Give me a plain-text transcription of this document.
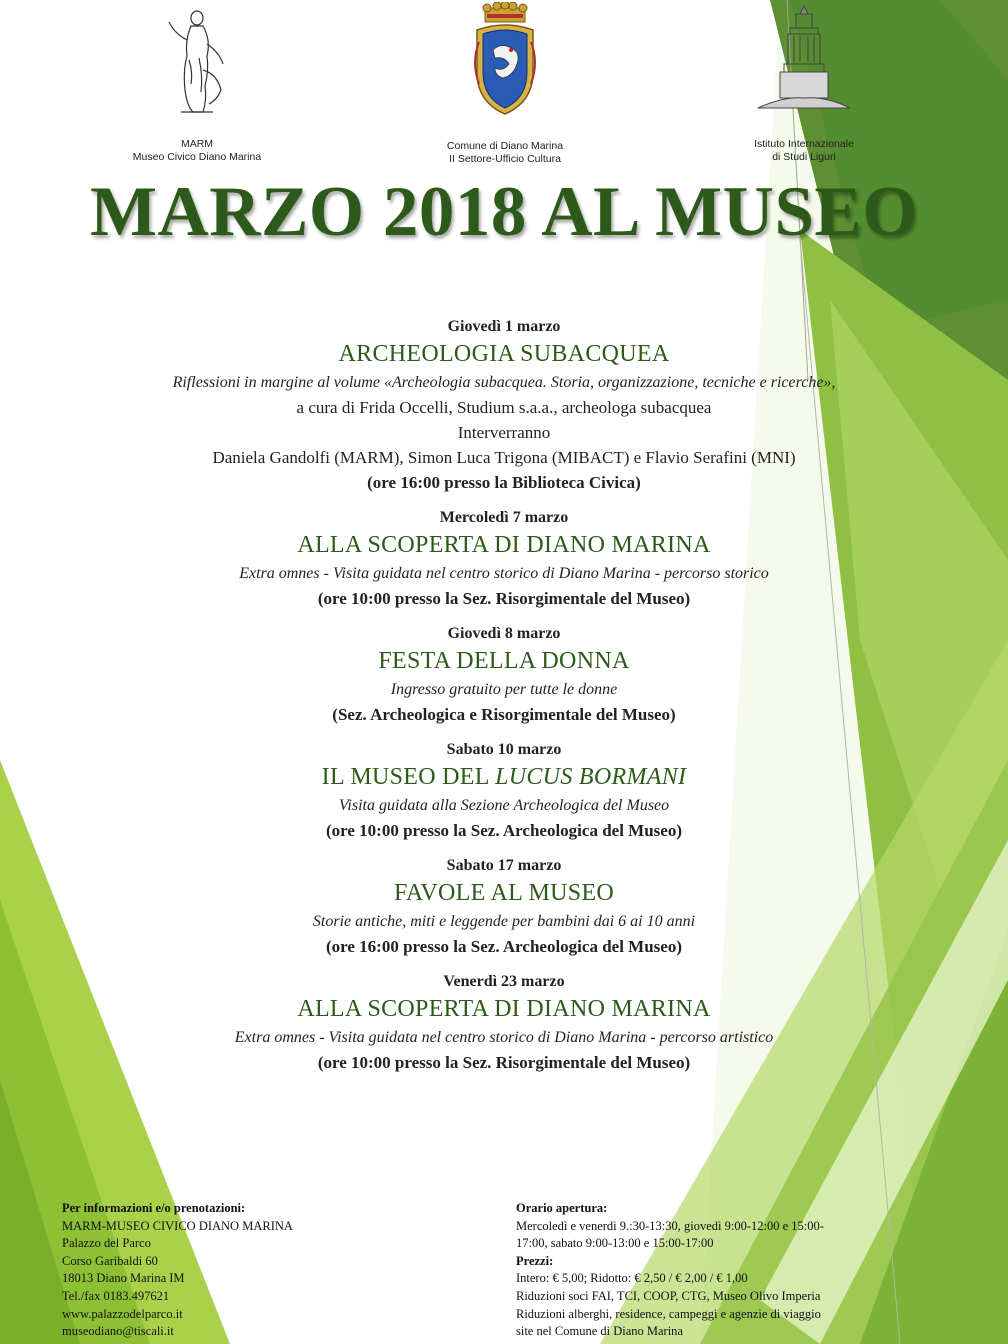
MARM
Museo Civico Diano Marina
Comune di Diano Marina
II Settore-Ufficio Cultura
Istituto Internazionale
di Studi Liguri
MARZO 2018 AL MUSEO
Giovedì 1 marzo
ARCHEOLOGIA SUBACQUEA
Riflessioni in margine al volume «Archeologia subacquea. Storia, organizzazione, tecniche e ricerche»,
a cura di Frida Occelli, Studium s.a.a., archeologa subacquea
Interverranno
Daniela Gandolfi (MARM), Simon Luca Trigona (MIBACT) e Flavio Serafini (MNI)
(ore 16:00 presso la Biblioteca Civica)
Mercoledì 7 marzo
ALLA SCOPERTA DI DIANO MARINA
Extra omnes - Visita guidata nel centro storico di Diano Marina - percorso storico
(ore 10:00 presso la Sez. Risorgimentale del Museo)
Giovedì 8 marzo
FESTA DELLA DONNA
Ingresso gratuito per tutte le donne
(Sez. Archeologica e Risorgimentale del Museo)
Sabato 10 marzo
IL MUSEO DEL LUCUS BORMANI
Visita guidata alla Sezione Archeologica del Museo
(ore 10:00 presso la Sez. Archeologica del Museo)
Sabato 17 marzo
FAVOLE AL MUSEO
Storie antiche, miti e leggende per bambini dai 6 ai 10 anni
(ore 16:00 presso la Sez. Archeologica del Museo)
Venerdì 23 marzo
ALLA SCOPERTA DI DIANO MARINA
Extra omnes - Visita guidata nel centro storico di Diano Marina - percorso artistico
(ore 10:00 presso la Sez. Risorgimentale del Museo)
Per informazioni e/o prenotazioni:
MARM-MUSEO CIVICO DIANO MARINA
Palazzo del Parco
Corso Garibaldi 60
18013 Diano Marina IM
Tel./fax 0183.497621
www.palazzodelparco.it
museodiano@tiscali.it
Orario apertura:
Mercoledì e venerdì 9.:30-13:30, giovedì 9:00-12:00 e 15:00-
17:00, sabato 9:00-13:00 e 15:00-17:00
Prezzi:
Intero: € 5,00; Ridotto: € 2,50 / € 2,00 / € 1,00
Riduzioni soci FAI, TCI, COOP, CTG, Museo Olivo Imperia
Riduzioni alberghi, residence, campeggi e agenzie di viaggio
site nel Comune di Diano Marina
